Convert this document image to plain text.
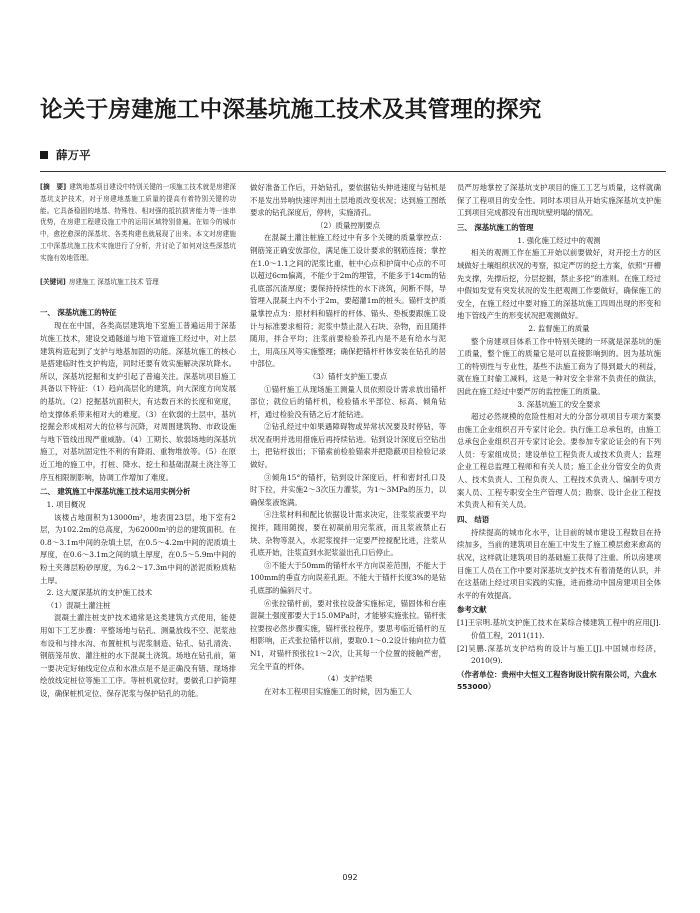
论关于房建施工中深基坑施工技术及其管理的探究
薛万平

[摘　要] 建筑地基项目建设中特别关键的一项施工技术就是房建深基坑支护技术，对于房建地基施工质量的提高有着特别关键的功能。它具备稳固的地基、特殊性、相对强的抵抗损害能力等一连串优势，在房建工程建设施工中的运用区域特别普遍。在如今的城市中，愈挖愈深的深基坑、各类构建也就展现了出来。本文对房建施工中深基坑施工技术实施进行了分析，并讨论了如何对这些深基坑实施有效地管理。

[关键词] 房建施工 深基坑施工技术 管理

一、 深基坑施工的特征

现在在中国，各类高层建筑地下室施工普遍运用于深基坑施工技术，建设交通隧道与地下管道施工经过中，对上层建筑构造起到了支护与地基加固的功能。深基坑施工的核心是搭建临时性支护构造，同时还要有效实施解决深坑降水。所以，深基坑挖掘和支护引起了普遍关注。深基坑项目施工具备以下特征：（1）趋向高层化的建筑，向大深度方向发展的基坑。（2）挖掘基坑面积大，有达数百米的长度和宽度，给支撑体系带来相对大的难度。（3）在软弱的土层中，基坑挖掘会形成相对大的位移与沉降，对周围建筑物、市政设施与地下管线出现严重威胁。（4）工期长、软弱场地的深基坑施工，对基坑固定性不利的有降雨、重物堆放等。（5）在原近工地的施工中，打桩、降水、挖土和基础混凝土浇注等工序互相限制影响，协调工作增加了难度。

二、 建筑施工中深基坑施工技术运用实例分析

1. 项目概况

该楼占地面积为13000m²，地表面23层，地下室有2层，为102.2m的总高度，为62000m²的总的建筑面积。在0.8～3.1m中间的杂填土层，在0.5～4.2m中间的泥质填土厚度，在0.6～3.1m之间的填土厚度，在0.5～5.9m中间的粉土夹薄层粉砂厚度，为6.2～17.3m中间的淤泥质粉质粘土厚。

2. 这大厦深基坑的支护施工技术

（1）混凝土灌注桩

混凝土灌注桩支护技术通常是这类建筑方式使用，能使用如下工艺步骤：平整场地与钻孔、测量放线不空、泥浆池布设和与排水沟、布置桩机与泥浆制造、钻孔、钻孔清洗、钢筋笼吊放、灌注桩的水下混凝土浇筑。场地在钻孔前，第一要决定好轴线定位点和水准点是不是正确没有错、现场排绘放线定桩位等施工工序。等桩机就位时，要做孔口护筒埋设，确保桩机定位、保存泥浆与保护钻孔的功能。

做好准备工作后，开始钻孔，要依据钻头伸进速度与钻机是不是发出异响快速评判出土层地质改变状况；达到施工图纸要求的钻孔深度后，停转，实施清孔。

（2）质量控制要点

在混凝土灌注桩施工经过中有多个关键的质量掌控点：钢筋笼正确安放部位，满足施工设计要求的钢筋连接；掌控在1.0～1.1之间的泥浆比重，桩中心点和护筒中心点的不可以超过6cm偏离，不能少于2m的埋管，不能多于14cm的钻孔底部沉渣厚度；要保持持续性的水下浇筑，间断不得，导管埋入混凝土内不小于2m，要超灌1m的桩头。锚杆支护质量掌控点为：原材料和锚杆的杆体、锚头、垫板要跟施工设计与标准要求相符；泥浆中禁止混入石块、杂物，而且随拌随用，拌合平均；注浆前要检验养孔内是不是有给水与泥土，用高压风等实施整理；确保把锚杆杆体安装在钻孔的居中部位。

（3）锚杆支护施工要点

①锚杆施工从现场施工测量人员依照设计需求放出锚杆部位；就位后的锚杆机，检验锚水平部位、标高、倾角钻杆，通过检验没有错之后才能钻进。

②钻孔经过中如果遇障碍物或异常状况要及时停钻，等状况查明并选用措施后再持续钻进。钻到设计深度后空钻出土，把钻杆拔出；下锚索前检验锚索并把隐蔽项目检验记录做好。

③倾角15°的锚杆，钻到设计深度后，杆和密封孔口及时下拉，并实施2～3次压力灌浆，为1～3MPa的压力，以确保浆液饱满。

④注浆材料和配比依据设计需求决定，注浆浆液要平均搅拌，随用随搅，要在初凝前用完浆液，而且浆液禁止石块、杂物等混入，水泥浆搅拌一定要严控搅配比进，注浆从孔底开始，注浆直到水泥浆溢出孔口后停止。

⑤不能大于50mm的锚杆水平方向误差范围，不能大于100mm的垂直方向误差孔距。不能大于锚杆长度3%的是钻孔底部的偏斜尺寸。

⑥张拉锚杆前，要对张拉设备实施标定，锚固体和台座混凝土强度都要大于15.0MPa时，才能够实施张拉。锚杆张拉要按必然步骤实施，锚杆张拉程序，要思考临近锚杆的互相影响，正式张拉锚杆以前，要取0.1～0.2设计轴向拉力值N1，对锚杆预张拉1～2次，让其每一个位置的接触严密，完全平直的杆体。

（4）支护结果

在对本工程项目实施施工的时候，因为施工人

员严厉地掌控了深基坑支护项目的施工工艺与质量，这样就确保了工程项目的安全性。同时本项目从开始实施深基坑支护施工到项目完成都没有出现坑壁坍塌的情况。

三、 深基坑施工的管理

1. 强化施工经过中的观测

相关的观测工作在施工开始以前要做好，对开挖土方的区域做好土壤组织状况的考察，拟定严厉的挖土方案，依照“开槽先支撑，先撑后挖，分层挖掘，禁止多挖”的准则。在施工经过中假如发觉有突发状况的发生把观测工作要做好，确保施工的安全，在施工经过中要对施工的深基坑施工四周出现的形变和地下管线产生的形变状况把观测做好。

2. 监督施工的质量

整个房建项目体系工作中特别关键的一环就是深基坑的施工质量，整个施工的质量它是可以直接影响到的。因为基坑施工的特别性与专业性，基些不法施工商为了得到最大的利益，就在施工时偷工减料，这是一种对安全非常不负责任的做法，因此在施工经过中要严厉的监控施工的质量。

3. 深基坑施工的安全要求

超过必然规模的危险性相对大的分部分项项目专项方案要由施工企业组织召开专家讨论会。执行施工总承包的，由施工总承包企业组织召开专家讨论会。要参加专家论证会的有下列人员：专家组成员；建设单位工程负责人或技术负责人；监理企业工程总监理工程师和有关人员；施工企业分管安全的负责人、技术负责人、工程负责人、工程技术负责人、编制专项方案人员、工程专职安全生产管理人员；勘察、设计企业工程技术负责人和有关人员。

四、 结语

持续提高的城市化水平，让目前的城市建设工程数目在持续加多，当前的建筑项目在施工中发生了施工模层愈来愈高的状况，这样就让建筑项目的基础施工获得了注重。所以房建项目施工人员在工作中要对深基坑支护技术有着清楚的认识，并在这基础上经过项目实践的实施，进而推动中国房建项目全体水平的有效提高。

参考文献

[1]王宗明.基坑支护施工技术在某综合楼建筑工程中的应用[J].价值工程，2011(11).

[2]吴鹏.深基坑支护结构的设计与施工[J].中国城市经济，2010(9).

（作者单位：贵州中大恒义工程咨询设计院有限公司，六盘水 553000）

092
